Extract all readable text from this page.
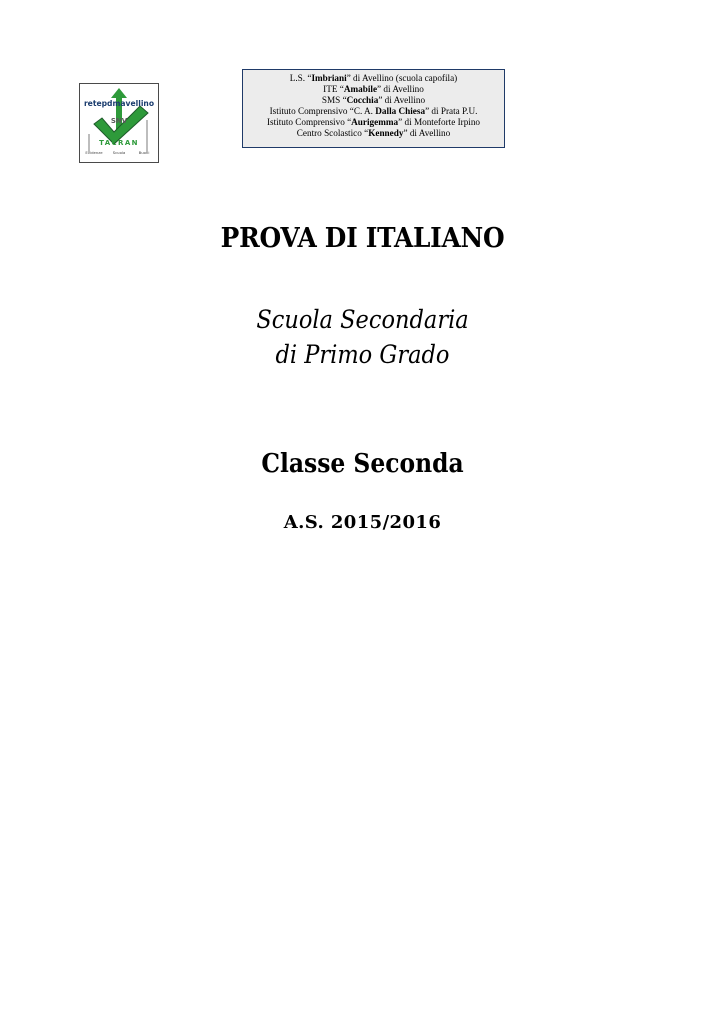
retepdmavellino
SNV
TACRAN
Evidenze	Scuola	Buoni
L.S. “Imbriani” di Avellino (scuola capofila)
ITE “Amabile” di Avellino
SMS “Cocchia” di Avellino
Istituto Comprensivo “C. A. Dalla Chiesa” di Prata P.U.
Istituto Comprensivo “Aurigemma” di Monteforte Irpino
Centro Scolastico “Kennedy” di Avellino
PROVA DI ITALIANO
Scuola Secondaria
di Primo Grado
Classe Seconda
A.S. 2015/2016
